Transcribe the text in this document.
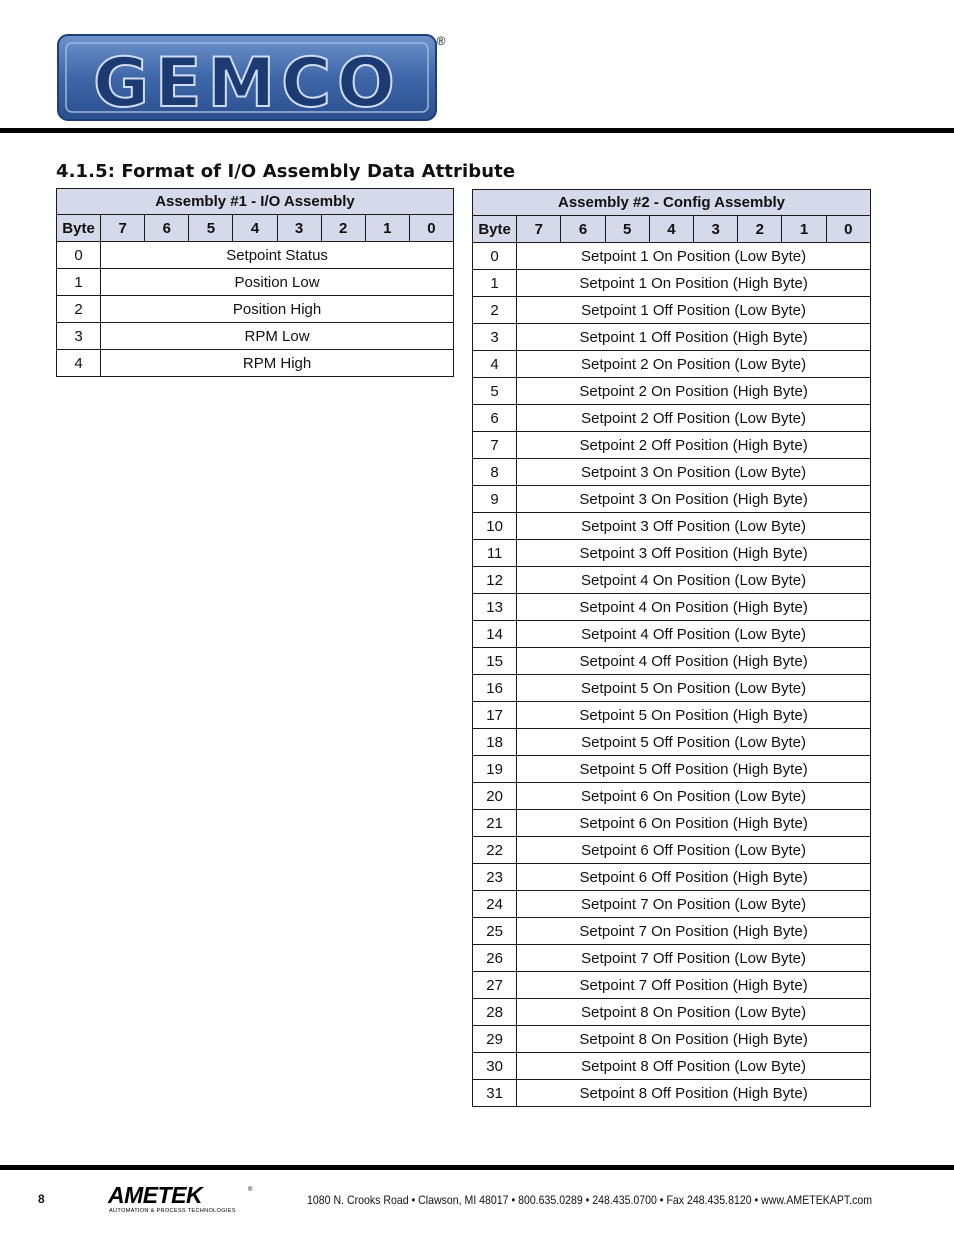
GEMCO
®
4.1.5: Format of I/O Assembly Data Attribute
Assembly #1 - I/O Assembly								
Byte	7	6	5	4	3	2	1	0
0	Setpoint Status							
1	Position Low							
2	Position High							
3	RPM Low							
4	RPM High							
Assembly #2 - Config Assembly								
Byte	7	6	5	4	3	2	1	0
0	Setpoint 1 On Position (Low Byte)							
1	Setpoint 1 On Position (High Byte)							
2	Setpoint 1 Off Position (Low Byte)							
3	Setpoint 1 Off Position (High Byte)							
4	Setpoint 2 On Position (Low Byte)							
5	Setpoint 2 On Position (High Byte)							
6	Setpoint 2 Off Position (Low Byte)							
7	Setpoint 2 Off Position (High Byte)							
8	Setpoint 3 On Position (Low Byte)							
9	Setpoint 3 On Position (High Byte)							
10	Setpoint 3 Off Position (Low Byte)							
11	Setpoint 3 Off Position (High Byte)							
12	Setpoint 4 On Position (Low Byte)							
13	Setpoint 4 On Position (High Byte)							
14	Setpoint 4 Off Position (Low Byte)							
15	Setpoint 4 Off Position (High Byte)							
16	Setpoint 5 On Position (Low Byte)							
17	Setpoint 5 On Position (High Byte)							
18	Setpoint 5 Off Position (Low Byte)							
19	Setpoint 5 Off Position (High Byte)							
20	Setpoint 6 On Position (Low Byte)							
21	Setpoint 6 On Position (High Byte)							
22	Setpoint 6 Off Position (Low Byte)							
23	Setpoint 6 Off Position (High Byte)							
24	Setpoint 7 On Position (Low Byte)							
25	Setpoint 7 On Position (High Byte)							
26	Setpoint 7 Off Position (Low Byte)							
27	Setpoint 7 Off Position (High Byte)							
28	Setpoint 8 On Position (Low Byte)							
29	Setpoint 8 On Position (High Byte)							
30	Setpoint 8 Off Position (Low Byte)							
31	Setpoint 8 Off Position (High Byte)							
8	AMETEK	®
AUTOMATION & PROCESS TECHNOLOGIES
1080 N. Crooks Road • Clawson, MI 48017 • 800.635.0289 • 248.435.0700 • Fax 248.435.8120 • www.AMETEKAPT.com
